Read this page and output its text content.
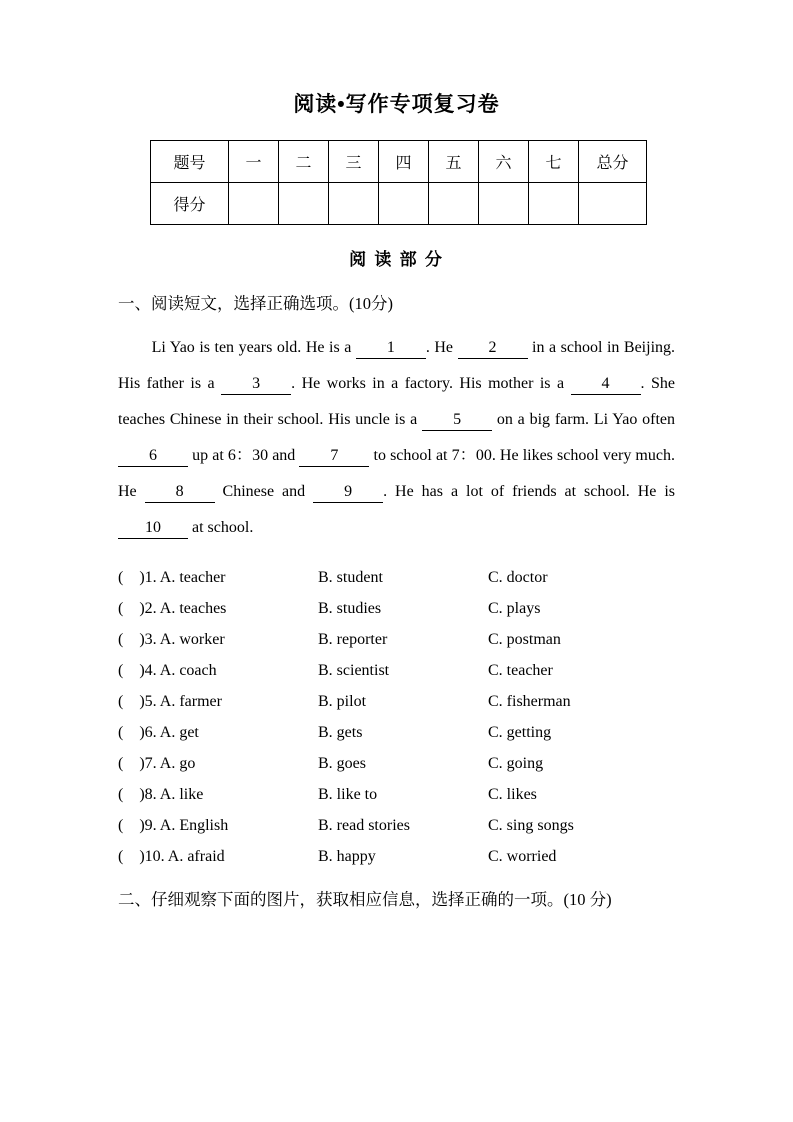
阅读•写作专项复习卷
题号	一	二	三	四	五	六	七	总分
得分								
阅 读 部 分
一、阅读短文，选择正确选项。(10分)

Li Yao is ten years old. He is a 1 . He 2 in a school in Beijing. His father is a 3 . He works in a factory. His mother is a 4 . She teaches Chinese in their school. His uncle is a 5 on a big farm. Li Yao often 6 up at 6：30 and 7 to school at 7：00. He likes school very much. He 8 Chinese and 9 . He has a lot of friends at school. He is 10 at school.

(　)1. A. teacher	B. student	C. doctor
(　)2. A. teaches	B. studies	C. plays
(　)3. A. worker	B. reporter	C. postman
(　)4. A. coach	B. scientist	C. teacher
(　)5. A. farmer	B. pilot	C. fisherman
(　)6. A. get	B. gets	C. getting
(　)7. A. go	B. goes	C. going
(　)8. A. like	B. like to	C. likes
(　)9. A. English	B. read stories	C. sing songs
(　)10. A. afraid	B. happy	C. worried
二、仔细观察下面的图片，获取相应信息，选择正确的一项。(10 分)
